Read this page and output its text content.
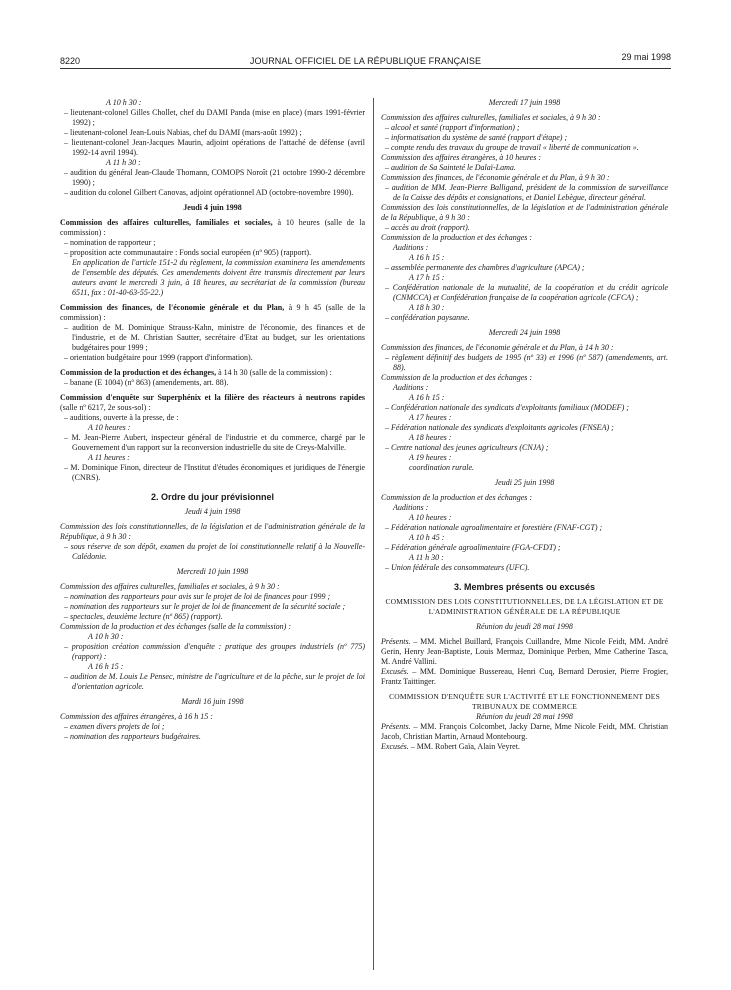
8220	JOURNAL OFFICIEL DE LA RÉPUBLIQUE FRANÇAISE	29 mai 1998

A 10 h 30 :

– lieutenant-colonel Gilles Chollet, chef du DAMI Panda (mise en place) (mars 1991-février 1992) ;

– lieutenant-colonel Jean-Louis Nabias, chef du DAMI (mars-août 1992) ;

– lieutenant-colonel Jean-Jacques Maurin, adjoint opérations de l'attaché de défense (avril 1992-14 avril 1994).

A 11 h 30 :

– audition du général Jean-Claude Thomann, COMOPS Noroît (21 octobre 1990-2 décembre 1990) ;

– audition du colonel Gilbert Canovas, adjoint opérationnel AD (octobre-novembre 1990).

Jeudi 4 juin 1998

Commission des affaires culturelles, familiales et sociales, à 10 heures (salle de la commission) :

– nomination de rapporteur ;

– proposition acte communautaire : Fonds social européen (nº 905) (rapport).

En application de l'article 151-2 du règlement, la commission examinera les amendements de l'ensemble des députés. Ces amendements doivent être transmis directement par leurs auteurs avant le mercredi 3 juin, à 18 heures, au secrétariat de la commission (bureau 6511, fax : 01-40-63-55-22.)

Commission des finances, de l'économie générale et du Plan, à 9 h 45 (salle de la commission) :

– audition de M. Dominique Strauss-Kahn, ministre de l'économie, des finances et de l'industrie, et de M. Christian Sautter, secrétaire d'Etat au budget, sur les orientations budgétaires pour 1999 ;

– orientation budgétaire pour 1999 (rapport d'information).

Commission de la production et des échanges, à 14 h 30 (salle de la commission) :

– banane (E 1004) (nº 863) (amendements, art. 88).

Commission d'enquête sur Superphénix et la filière des réacteurs à neutrons rapides (salle nº 6217, 2e sous-sol) :

– auditions, ouverte à la presse, de :

A 10 heures :

– M. Jean-Pierre Aubert, inspecteur général de l'industrie et du commerce, chargé par le Gouvernement d'un rapport sur la reconversion industrielle du site de Creys-Malville.

A 11 heures :

– M. Dominique Finon, directeur de l'Institut d'études économiques et juridiques de l'énergie (CNRS).

2. Ordre du jour prévisionnel

Jeudi 4 juin 1998

Commission des lois constitutionnelles, de la législation et de l'administration générale de la République, à 9 h 30 :

– sous réserve de son dépôt, examen du projet de loi constitutionnelle relatif à la Nouvelle-Calédonie.

Mercredi 10 juin 1998

Commission des affaires culturelles, familiales et sociales, à 9 h 30 :

– nomination des rapporteurs pour avis sur le projet de loi de finances pour 1999 ;

– nomination des rapporteurs sur le projet de loi de financement de la sécurité sociale ;

– spectacles, deuxième lecture (nº 865) (rapport).

Commission de la production et des échanges (salle de la commission) :

A 10 h 30 :

– proposition création commission d'enquête : pratique des groupes industriels (nº 775) (rapport) :

A 16 h 15 :

– audition de M. Louis Le Pensec, ministre de l'agriculture et de la pêche, sur le projet de loi d'orientation agricole.

Mardi 16 juin 1998

Commission des affaires étrangères, à 16 h 15 :

– examen divers projets de loi ;

– nomination des rapporteurs budgétaires.

Mercredi 17 juin 1998

Commission des affaires culturelles, familiales et sociales, à 9 h 30 :

– alcool et santé (rapport d'information) ;

– informatisation du système de santé (rapport d'étape) ;

– compte rendu des travaux du groupe de travail « liberté de communication ».

Commission des affaires étrangères, à 10 heures :

– audition de Sa Sainteté le Dalaï-Lama.

Commission des finances, de l'économie générale et du Plan, à 9 h 30 :

– audition de MM. Jean-Pierre Balligand, président de la commission de surveillance de la Caisse des dépôts et consignations, et Daniel Lebègue, directeur général.

Commission des lois constitutionnelles, de la législation et de l'administration générale de la République, à 9 h 30 :

– accès au droit (rapport).

Commission de la production et des échanges :

Auditions :

A 16 h 15 :

– assemblée permanente des chambres d'agriculture (APCA) ;

A 17 h 15 :

– Confédération nationale de la mutualité, de la coopération et du crédit agricole (CNMCCA) et Confédération française de la coopération agricole (CFCA) ;

A 18 h 30 :

– confédération paysanne.

Mercredi 24 juin 1998

Commission des finances, de l'économie générale et du Plan, à 14 h 30 :

– règlement définitif des budgets de 1995 (nº 33) et 1996 (nº 587) (amendements, art. 88).

Commission de la production et des échanges :

Auditions :

A 16 h 15 :

– Confédération nationale des syndicats d'exploitants familiaux (MODEF) ;

A 17 heures :

– Fédération nationale des syndicats d'exploitants agricoles (FNSEA) ;

A 18 heures :

– Centre national des jeunes agriculteurs (CNJA) ;

A 19 heures :

coordination rurale.

Jeudi 25 juin 1998

Commission de la production et des échanges :

Auditions :

A 10 heures :

– Fédération nationale agroalimentaire et forestière (FNAF-CGT) ;

A 10 h 45 :

– Fédération générale agroalimentaire (FGA-CFDT) ;

A 11 h 30 :

– Union fédérale des consommateurs (UFC).

3. Membres présents ou excusés

COMMISSION DES LOIS CONSTITUTIONNELLES, DE LA LÉGISLATION ET DE L'ADMINISTRATION GÉNÉRALE DE LA RÉPUBLIQUE

Réunion du jeudi 28 mai 1998

Présents. – MM. Michel Buillard, François Cuillandre, Mme Nicole Feidt, MM. André Gerin, Henry Jean-Baptiste, Louis Mermaz, Dominique Perben, Mme Catherine Tasca, M. André Vallini.

Excusés. – MM. Dominique Bussereau, Henri Cuq, Bernard Derosier, Pierre Frogier, Frantz Taittinger.

COMMISSION D'ENQUÊTE SUR L'ACTIVITÉ ET LE FONCTIONNEMENT DES TRIBUNAUX DE COMMERCE

Réunion du jeudi 28 mai 1998

Présents. – MM. François Colcombet, Jacky Darne, Mme Nicole Feidt, MM. Christian Jacob, Christian Martin, Arnaud Montebourg.

Excusés. – MM. Robert Gaïa, Alain Veyret.
